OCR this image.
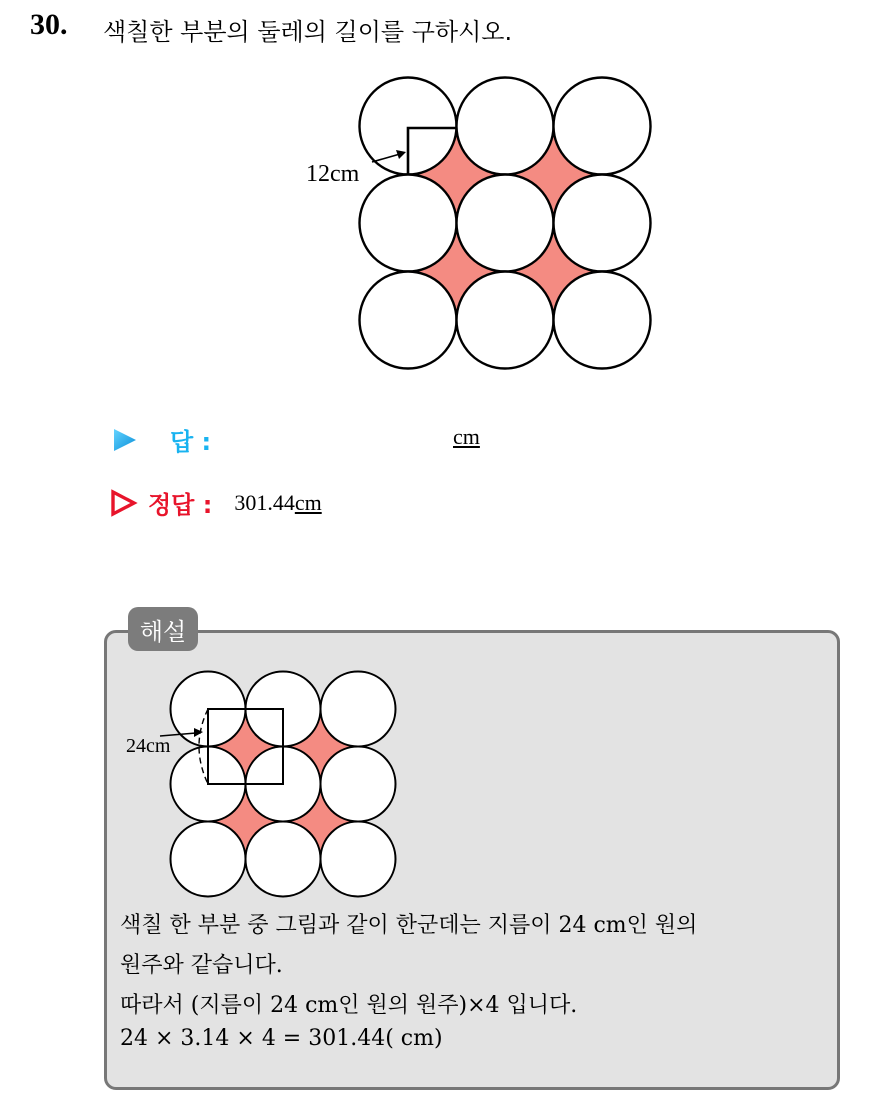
30. 색칠한 부분의 둘레의 길이를 구하시오.
12cm
답 :	cm
정답 : 301.44 cm
해설
24cm
색칠 한 부분 중 그림과 같이 한군데는 지름이 24 cm인 원의
원주와 같습니다.
따라서 (지름이 24 cm인 원의 원주)×4 입니다.
24 × 3.14 × 4 = 301.44( cm)
